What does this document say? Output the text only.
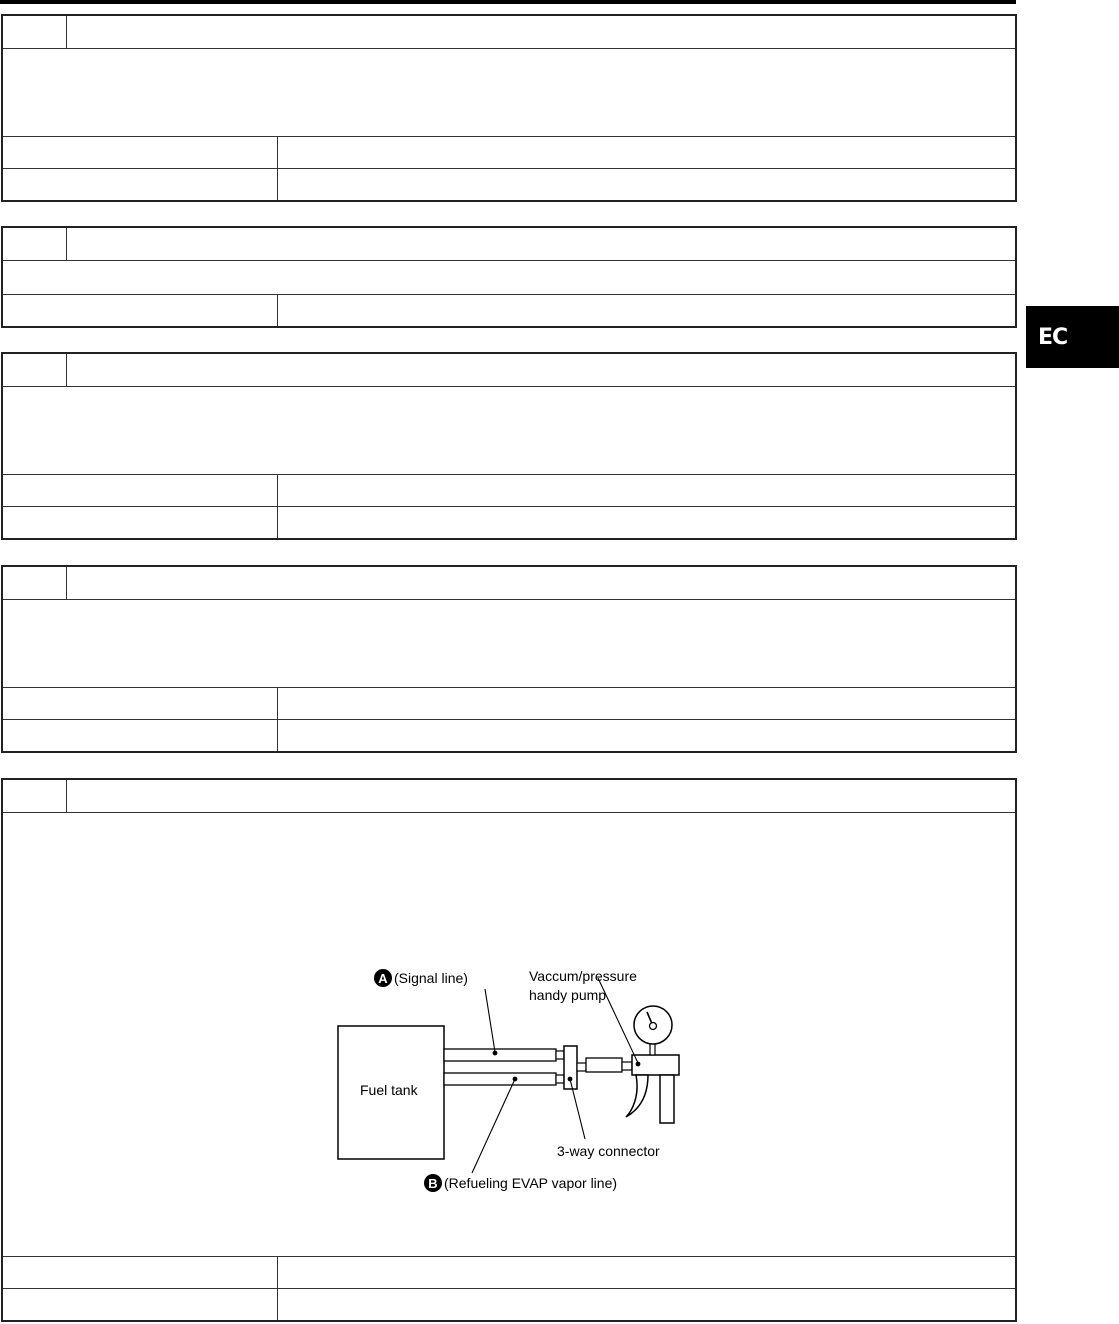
Fuel tank
A (Signal line)	Vaccum/pressure
handy pump
3-way connector
B (Refueling EVAP vapor line)
EC
